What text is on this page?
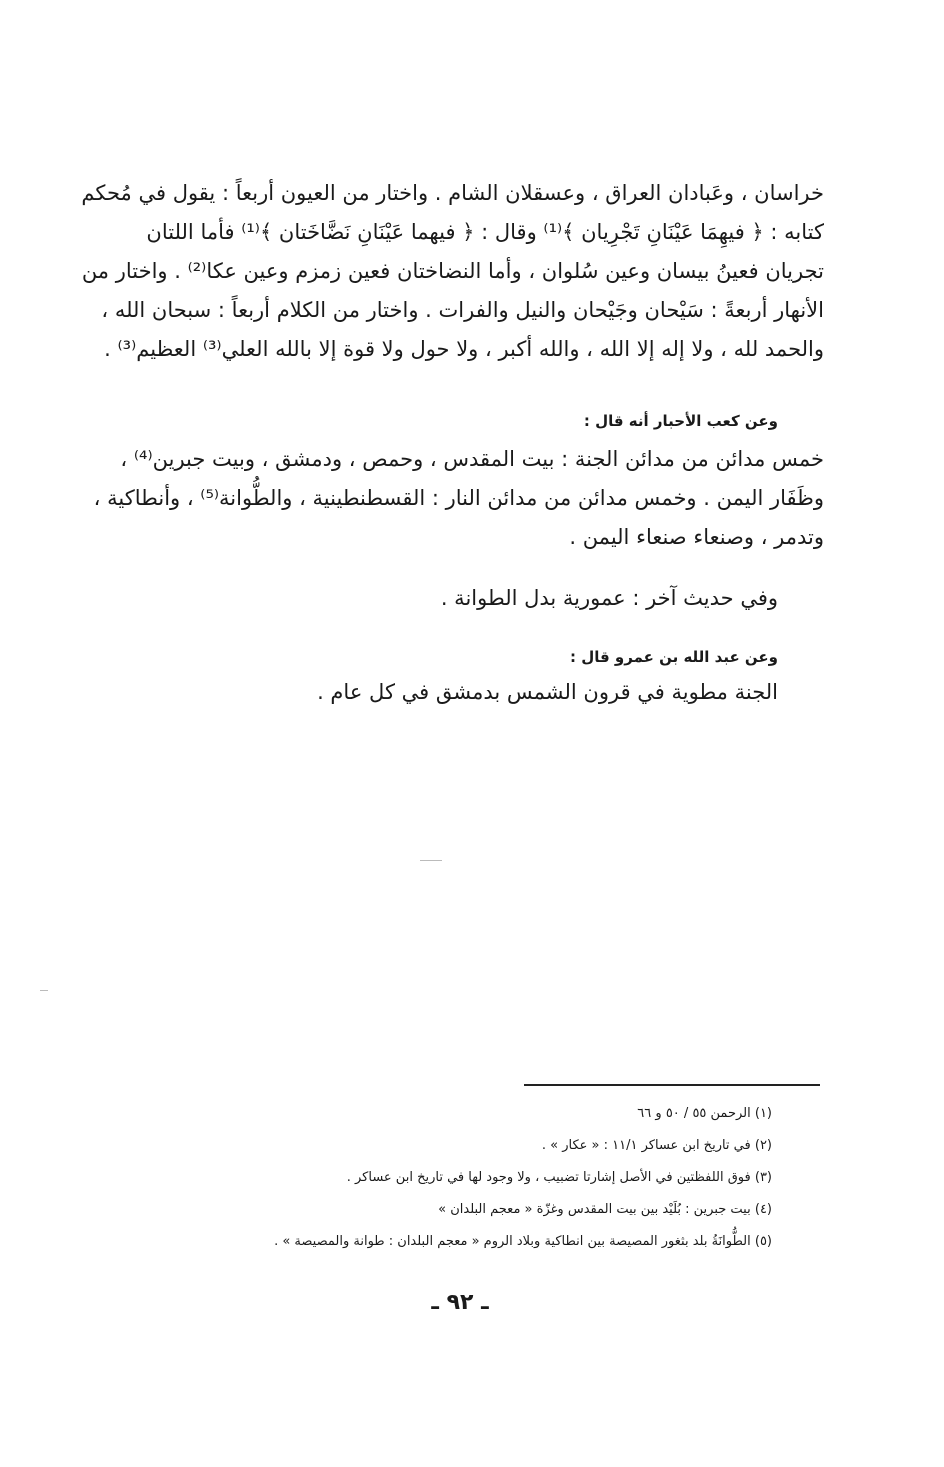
خراسان ، وعَبادان العراق ، وعسقلان الشام . واختار من العيون أربعاً : يقول في مُحكم
كتابه : ﴿ فيهِمَا عَيْنَانِ تَجْرِيان ﴾⁽¹⁾ وقال : ﴿ فيهما عَيْنَانِ نَضَّاخَتان ﴾⁽¹⁾ فأما اللتان
تجريان فعينُ بيسان وعين سُلوان ، وأما النضاختان فعين زمزم وعين عكا⁽²⁾ . واختار من
الأنهار أربعةً : سَيْحان وجَيْحان والنيل والفرات . واختار من الكلام أربعاً : سبحان الله ،
والحمد لله ، ولا إله إلا الله ، والله أكبر ، ولا حول ولا قوة إلا بالله العلي⁽³⁾ العظيم⁽³⁾ .

وعن كعب الأحبار أنه قال :

خمس مدائن من مدائن الجنة : بيت المقدس ، وحمص ، ودمشق ، وبيت جبرين⁽⁴⁾ ،
وظَفَار اليمن . وخمس مدائن من مدائن النار : القسطنطينية ، والطُّوانة⁽⁵⁾ ، وأنطاكية ،
وتدمر ، وصنعاء صنعاء اليمن .

وفي حديث آخر : عمورية بدل الطوانة .

وعن عبد الله بن عمرو قال :

الجنة مطوية في قرون الشمس بدمشق في كل عام .

(١) الرحمن ٥٥ / ٥٠ و ٦٦
(٢) في تاريخ ابن عساكر ١١/١ : « عكار » .
(٣) فوق اللفظتين في الأصل إشارتا تضبيب ، ولا وجود لها في تاريخ ابن عساكر .
(٤) بيت جبرين : بُلَيْد بين بيت المقدس وغزّة « معجم البلدان »
(٥) الطُّوانَةُ بلد بثغور المصيصة بين انطاكية وبلاد الروم « معجم البلدان : طوانة والمصيصة » .
ـ ٩٢ ـ
